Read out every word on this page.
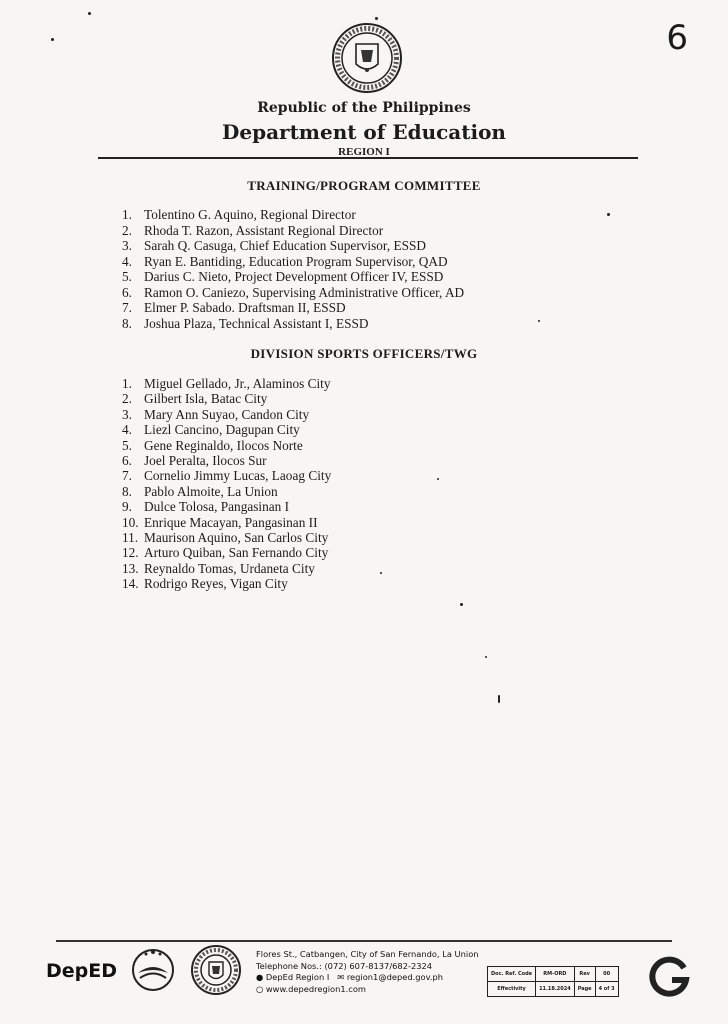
6
Republic of the Philippines
Department of Education
REGION I
TRAINING/PROGRAM COMMITTEE
1. Tolentino G. Aquino, Regional Director
2. Rhoda T. Razon, Assistant Regional Director
3. Sarah Q. Casuga, Chief Education Supervisor, ESSD
4. Ryan E. Bantiding, Education Program Supervisor, QAD
5. Darius C. Nieto, Project Development Officer IV, ESSD
6. Ramon O. Caniezo, Supervising Administrative Officer, AD
7. Elmer P. Sabado. Draftsman II, ESSD
8. Joshua Plaza, Technical Assistant I, ESSD
DIVISION SPORTS OFFICERS/TWG
1. Miguel Gellado, Jr., Alaminos City
2. Gilbert Isla, Batac City
3. Mary Ann Suyao, Candon City
4. Liezl Cancino, Dagupan City
5. Gene Reginaldo, Ilocos Norte
6. Joel Peralta, Ilocos Sur
7. Cornelio Jimmy Lucas, Laoag City
8. Pablo Almoite, La Union
9. Dulce Tolosa, Pangasinan I
10. Enrique Macayan, Pangasinan II
11. Maurison Aquino, San Carlos City
12. Arturo Quiban, San Fernando City
13. Reynaldo Tomas, Urdaneta City
14. Rodrigo Reyes, Vigan City
DepED
Flores St., Catbangen, City of San Fernando, La Union
Telephone Nos.: (072) 607-8137/682-2324
● DepEd Region I ✉ region1@deped.gov.ph
○ www.depedregion1.com
Doc. Ref. Code	RM-ORD	Rev	00
Effectivity	11.18.2024	Page	4 of 3
